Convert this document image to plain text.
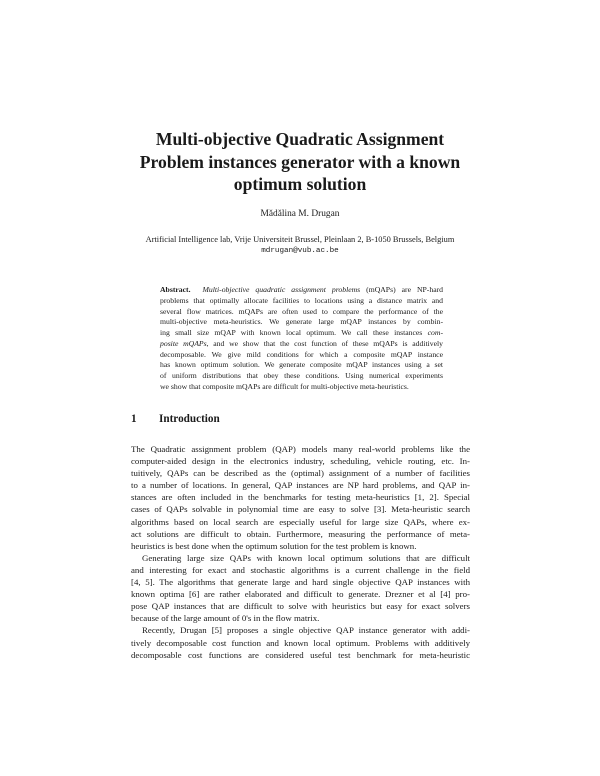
Multi-objective Quadratic Assignment
Problem instances generator with a known
optimum solution
Mădălina M. Drugan
Artificial Intelligence lab, Vrije Universiteit Brussel, Pleinlaan 2, B-1050 Brussels, Belgium
mdrugan@vub.ac.be
Abstract. Multi-objective quadratic assignment problems (mQAPs) are NP-hard
problems that optimally allocate facilities to locations using a distance matrix and
several flow matrices. mQAPs are often used to compare the performance of the
multi-objective meta-heuristics. We generate large mQAP instances by combin-
ing small size mQAP with known local optimum. We call these instances com-
posite mQAPs, and we show that the cost function of these mQAPs is additively
decomposable. We give mild conditions for which a composite mQAP instance
has known optimum solution. We generate composite mQAP instances using a set
of uniform distributions that obey these conditions. Using numerical experiments
we show that composite mQAPs are difficult for multi-objective meta-heuristics.
1 Introduction
The Quadratic assignment problem (QAP) models many real-world problems like the
computer-aided design in the electronics industry, scheduling, vehicle routing, etc. In-
tuitively, QAPs can be described as the (optimal) assignment of a number of facilities
to a number of locations. In general, QAP instances are NP hard problems, and QAP in-
stances are often included in the benchmarks for testing meta-heuristics [1, 2]. Special
cases of QAPs solvable in polynomial time are easy to solve [3]. Meta-heuristic search
algorithms based on local search are especially useful for large size QAPs, where ex-
act solutions are difficult to obtain. Furthermore, measuring the performance of meta-
heuristics is best done when the optimum solution for the test problem is known.
Generating large size QAPs with known local optimum solutions that are difficult
and interesting for exact and stochastic algorithms is a current challenge in the field
[4, 5]. The algorithms that generate large and hard single objective QAP instances with
known optima [6] are rather elaborated and difficult to generate. Drezner et al [4] pro-
pose QAP instances that are difficult to solve with heuristics but easy for exact solvers
because of the large amount of 0's in the flow matrix.
Recently, Drugan [5] proposes a single objective QAP instance generator with addi-
tively decomposable cost function and known local optimum. Problems with additively
decomposable cost functions are considered useful test benchmark for meta-heuristic
